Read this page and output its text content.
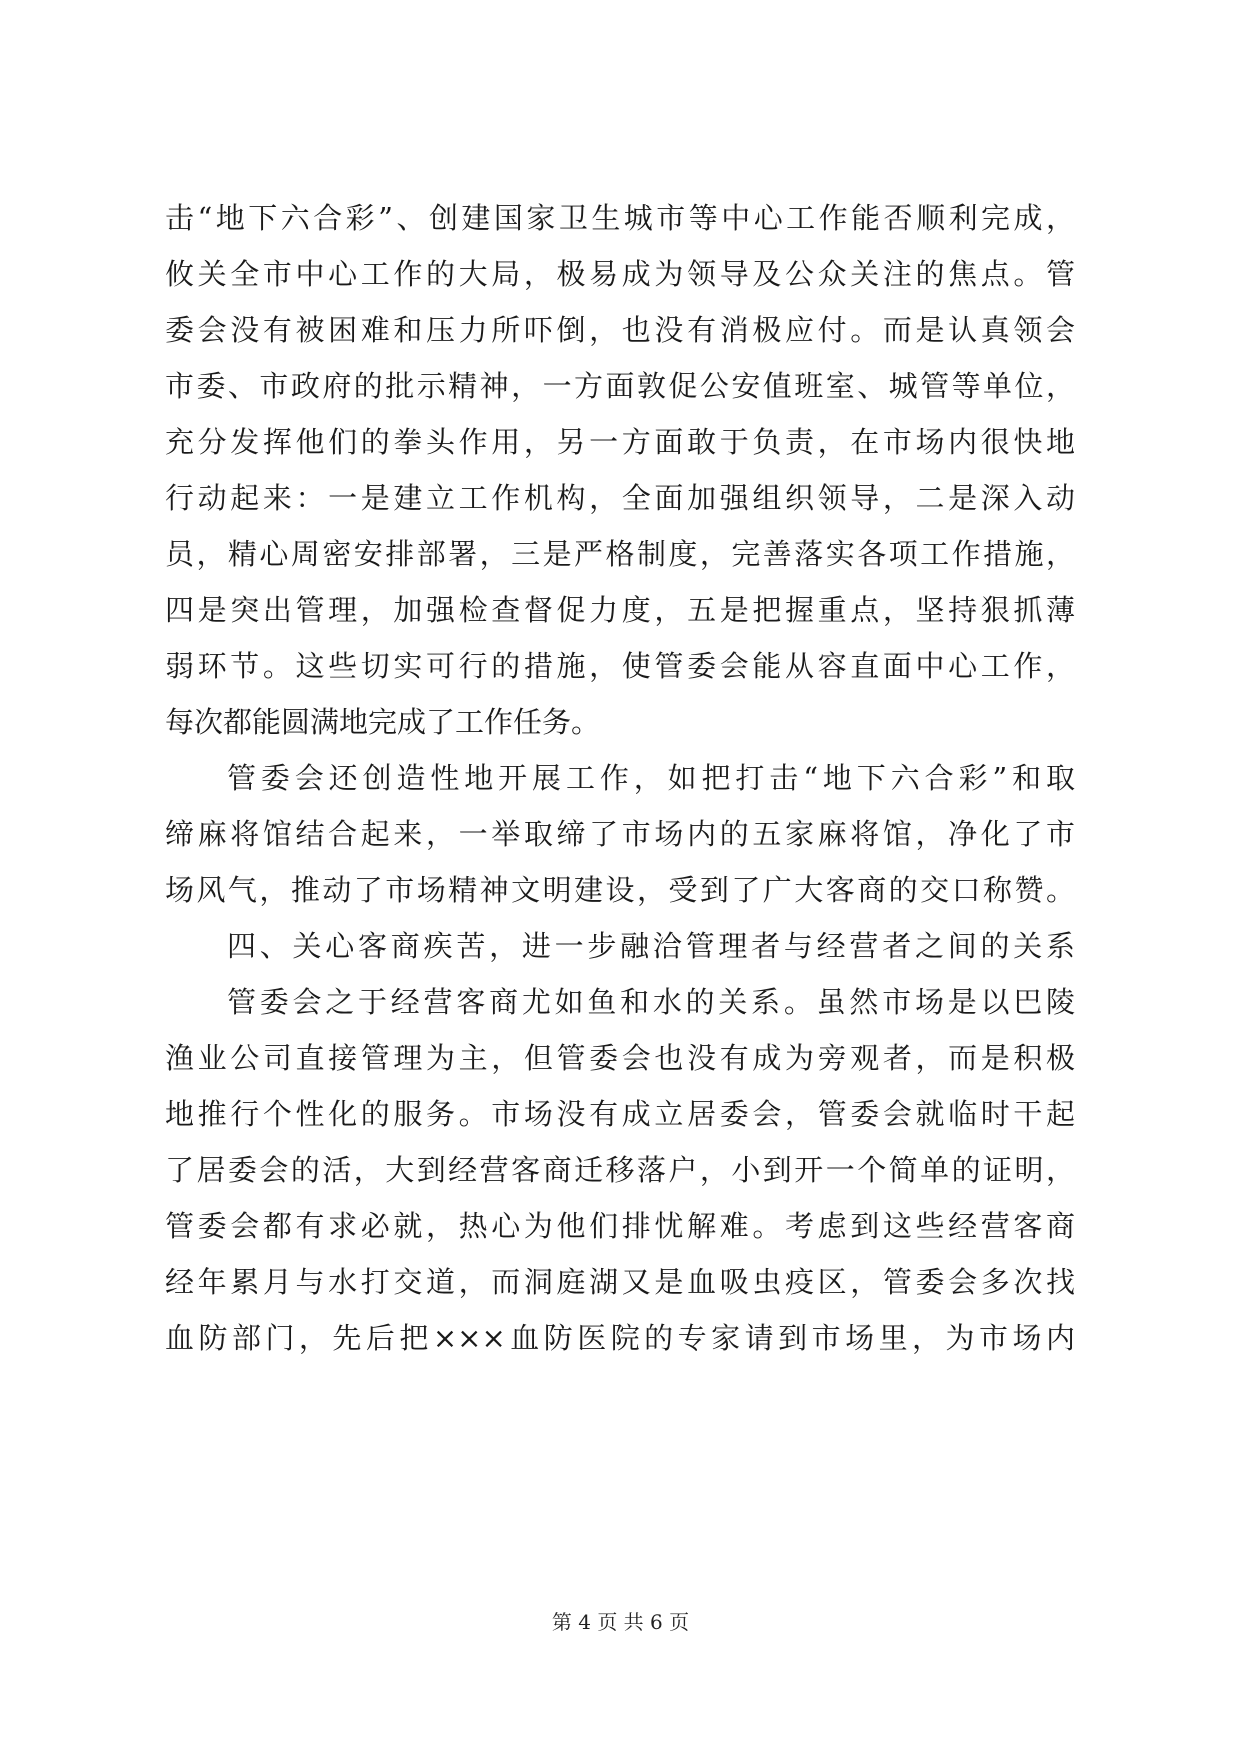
击“地下六合彩”、创建国家卫生城市等中心工作能否顺利完成，
攸关全市中心工作的大局，极易成为领导及公众关注的焦点。管
委会没有被困难和压力所吓倒，也没有消极应付。而是认真领会
市委、市政府的批示精神，一方面敦促公安值班室、城管等单位，
充分发挥他们的拳头作用，另一方面敢于负责，在市场内很快地
行动起来：一是建立工作机构，全面加强组织领导，二是深入动
员，精心周密安排部署，三是严格制度，完善落实各项工作措施，
四是突出管理，加强检查督促力度，五是把握重点，坚持狠抓薄
弱环节。这些切实可行的措施，使管委会能从容直面中心工作，
每次都能圆满地完成了工作任务。
管委会还创造性地开展工作，如把打击“地下六合彩”和取
缔麻将馆结合起来，一举取缔了市场内的五家麻将馆，净化了市
场风气，推动了市场精神文明建设，受到了广大客商的交口称赞。
四、关心客商疾苦，进一步融洽管理者与经营者之间的关系
管委会之于经营客商尤如鱼和水的关系。虽然市场是以巴陵
渔业公司直接管理为主，但管委会也没有成为旁观者，而是积极
地推行个性化的服务。市场没有成立居委会，管委会就临时干起
了居委会的活，大到经营客商迁移落户，小到开一个简单的证明，
管委会都有求必就，热心为他们排忧解难。考虑到这些经营客商
经年累月与水打交道，而洞庭湖又是血吸虫疫区，管委会多次找
血防部门，先后把×××血防医院的专家请到市场里，为市场内
第 4 页 共 6 页
